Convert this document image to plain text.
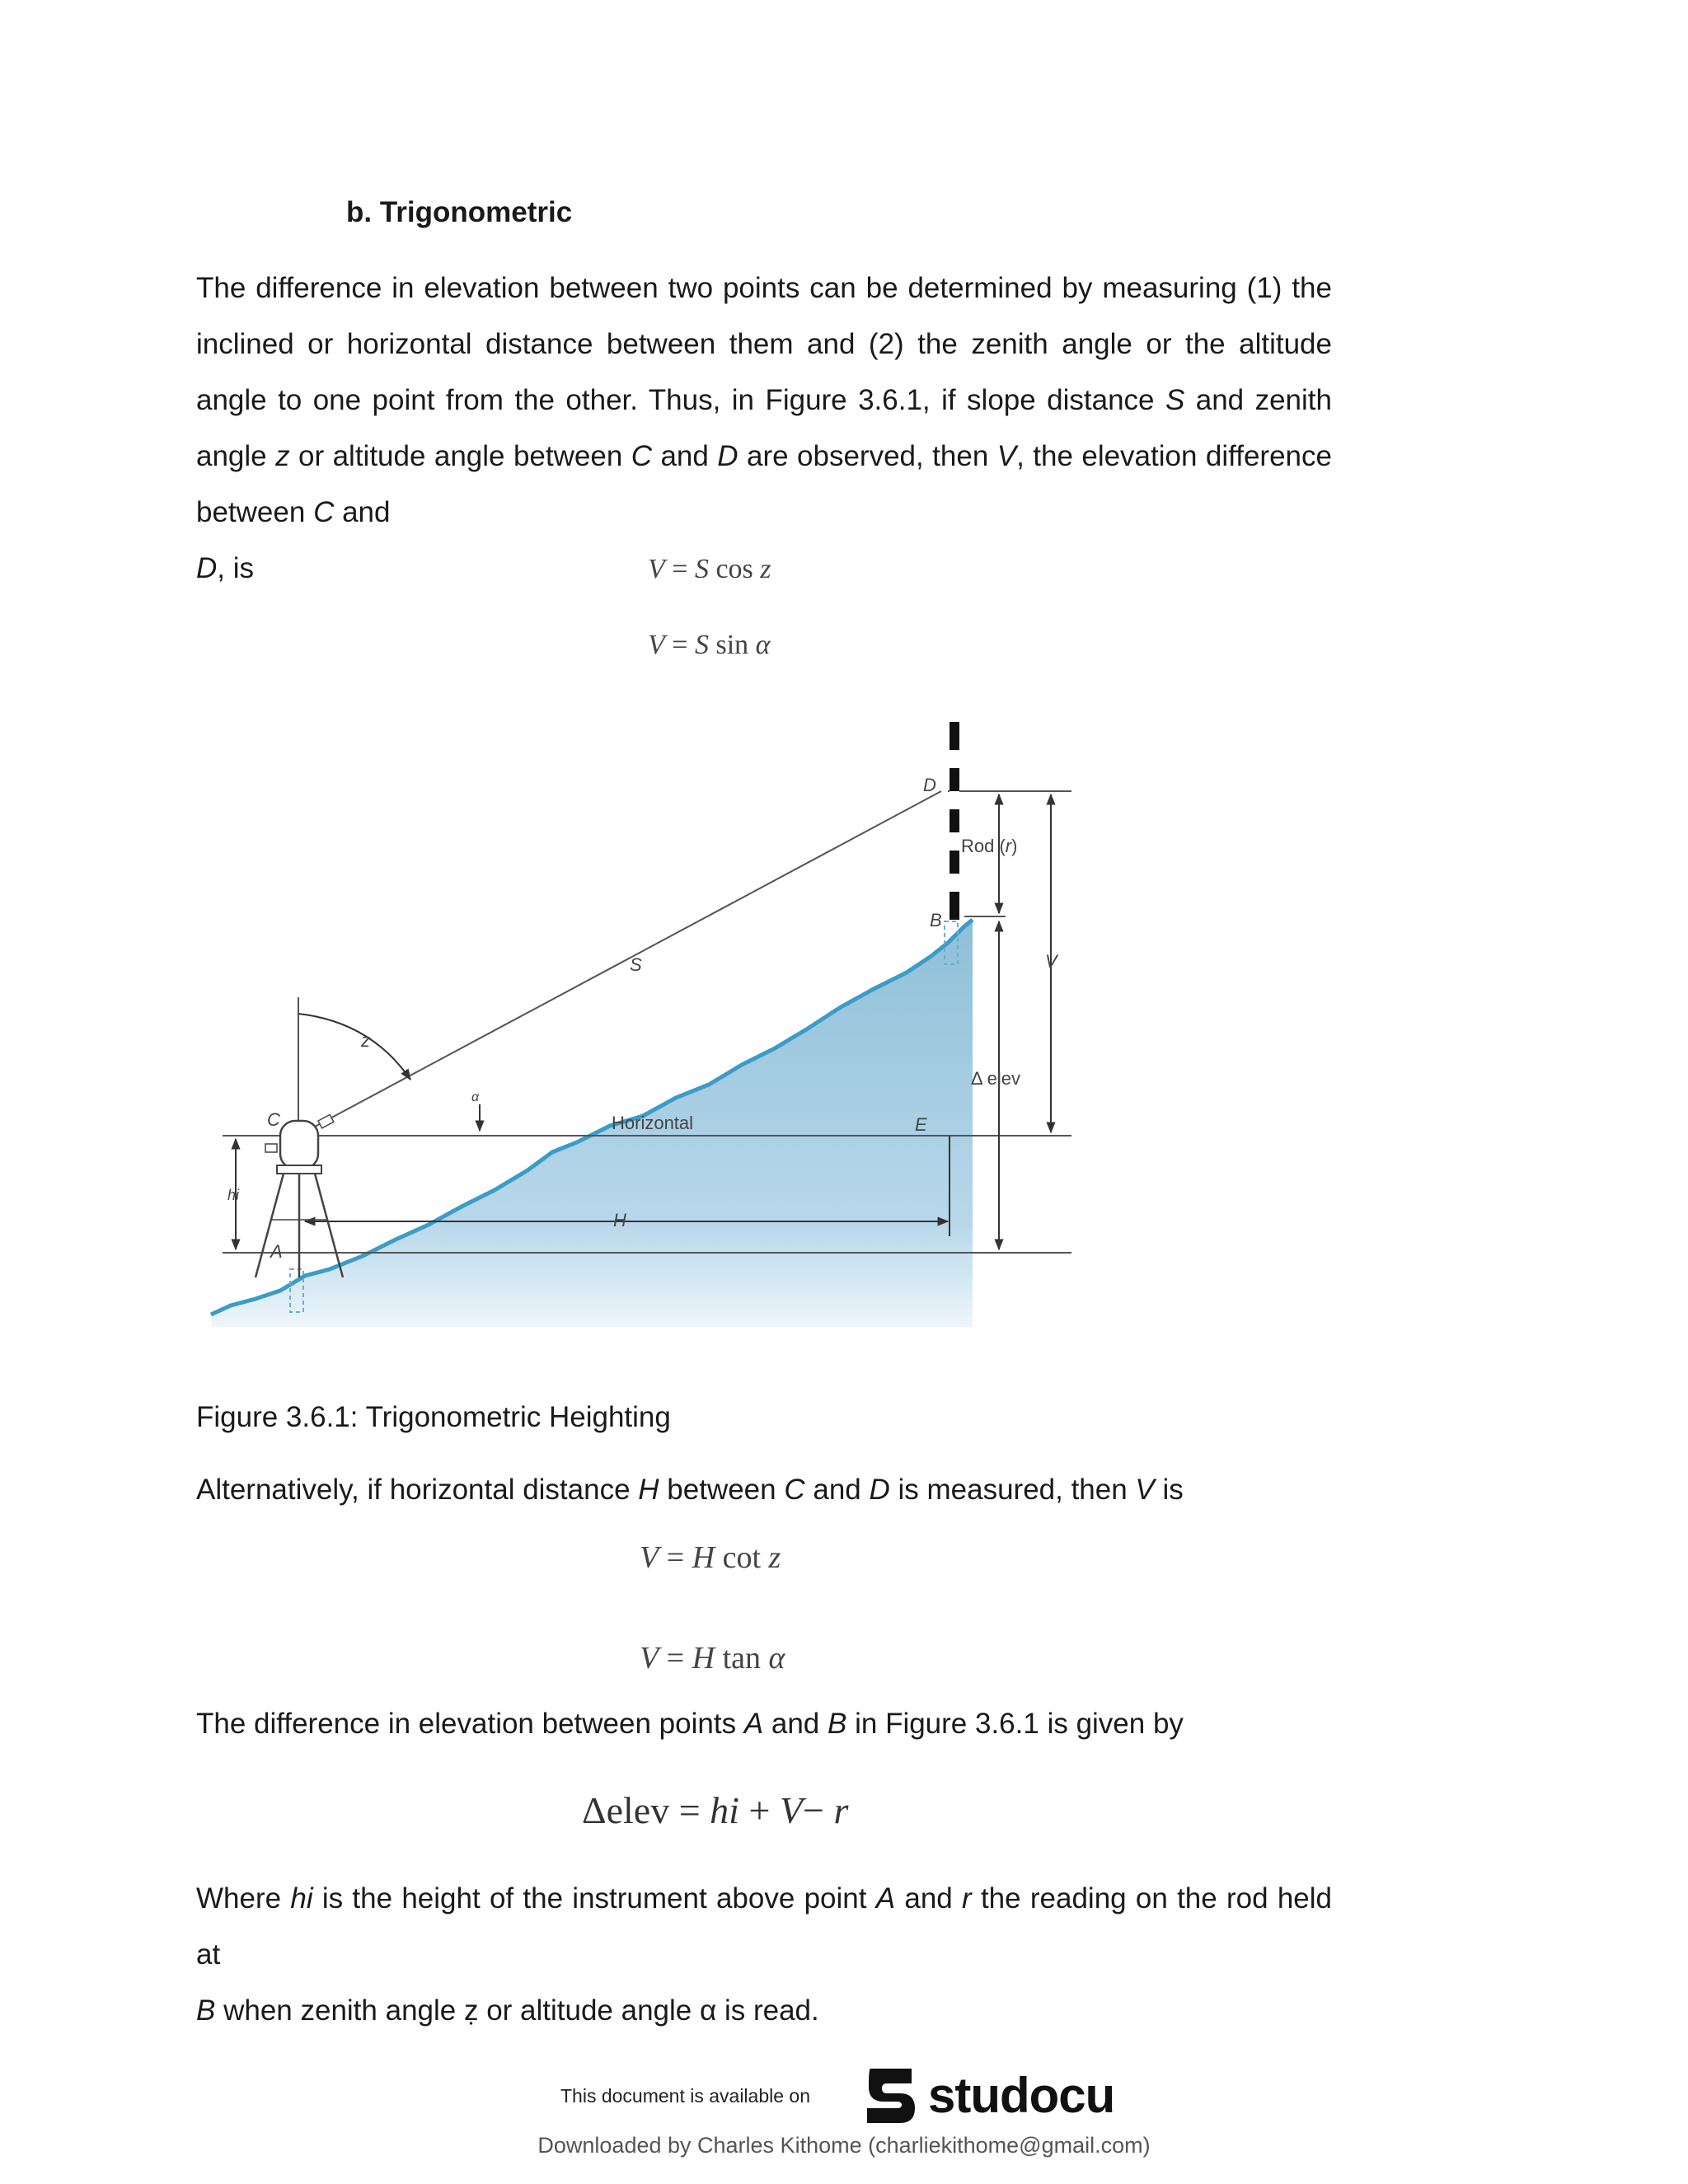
b. Trigonometric
The difference in elevation between two points can be determined by measuring (1) the inclined or horizontal distance between them and (2) the zenith angle or the altitude angle to one point from the other. Thus, in Figure 3.6.1, if slope distance S and zenith angle z or altitude angle between C and D are observed, then V, the elevation difference between C and
D, is	V = S cos z
V = S sin α
D
B
S
z
α
C
A
hi
H
E
V
Horizontal
Rod (r)
Δ elev
Figure 3.6.1: Trigonometric Heighting
Alternatively, if horizontal distance H between C and D is measured, then V is
V = H cot z
V = H tan α
The difference in elevation between points A and B in Figure 3.6.1 is given by
Δelev = hi + V− r
Where hi is the height of the instrument above point A and r the reading on the rod held at
B when zenith angle ẓ or altitude angle α is read.
This document is available on studocu
Downloaded by Charles Kithome (charliekithome@gmail.com)
